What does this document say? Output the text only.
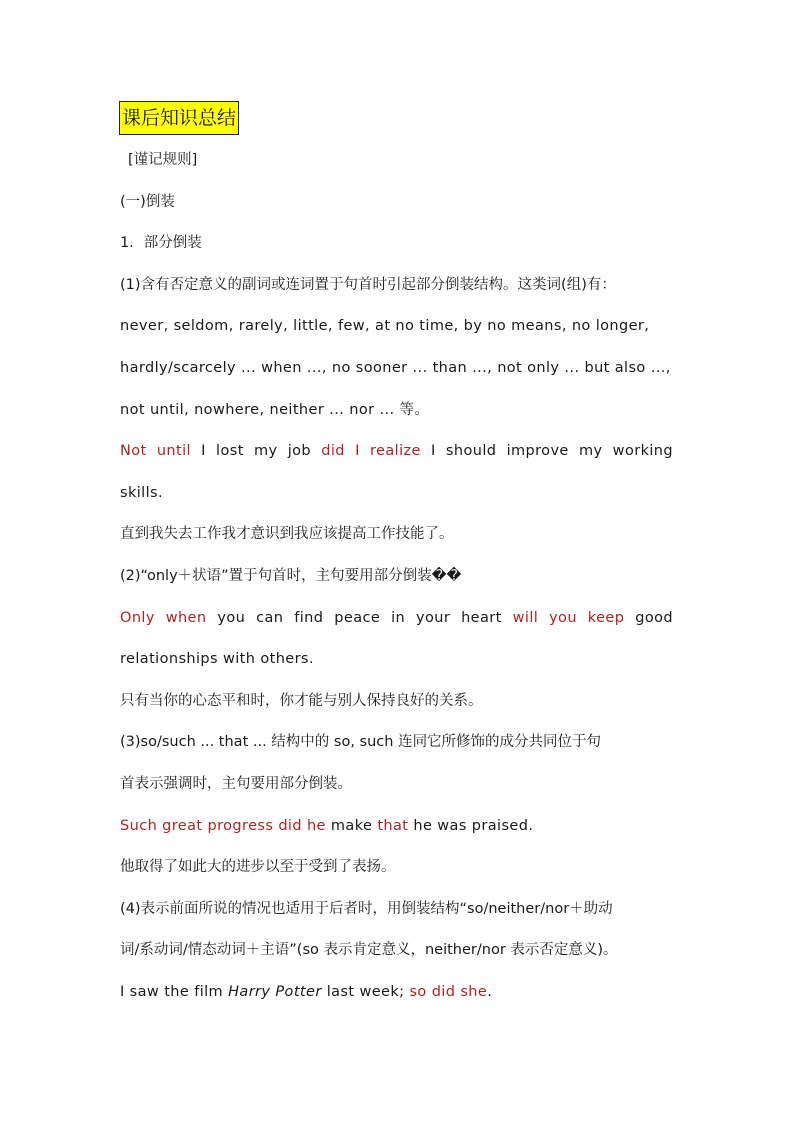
课后知识总结
[谨记规则]
(一)倒装
1．部分倒装
(1)含有否定意义的副词或连词置于句首时引起部分倒装结构。这类词(组)有：
never, seldom, rarely, little, few, at no time, by no means, no longer,
hardly/scarcely ... when ..., no sooner ... than ..., not only ... but also ...,
not until, nowhere, neither ... nor ... 等。
Not until I lost my job did I realize I should improve my working
skills.
直到我失去工作我才意识到我应该提高工作技能了。
(2)“only＋状语”置于句首时，主句要用部分倒装��
Only when you can find peace in your heart will you keep good
relationships with others.
只有当你的心态平和时，你才能与别人保持良好的关系。
(3)so/such ... that ... 结构中的 so, such 连同它所修饰的成分共同位于句
首表示强调时，主句要用部分倒装。
Such great progress did he make that he was praised.
他取得了如此大的进步以至于受到了表扬。
(4)表示前面所说的情况也适用于后者时，用倒装结构“so/neither/nor＋助动
词/系动词/情态动词＋主语”(so 表示肯定意义，neither/nor 表示否定意义)。
I saw the film Harry Potter last week; so did she.
